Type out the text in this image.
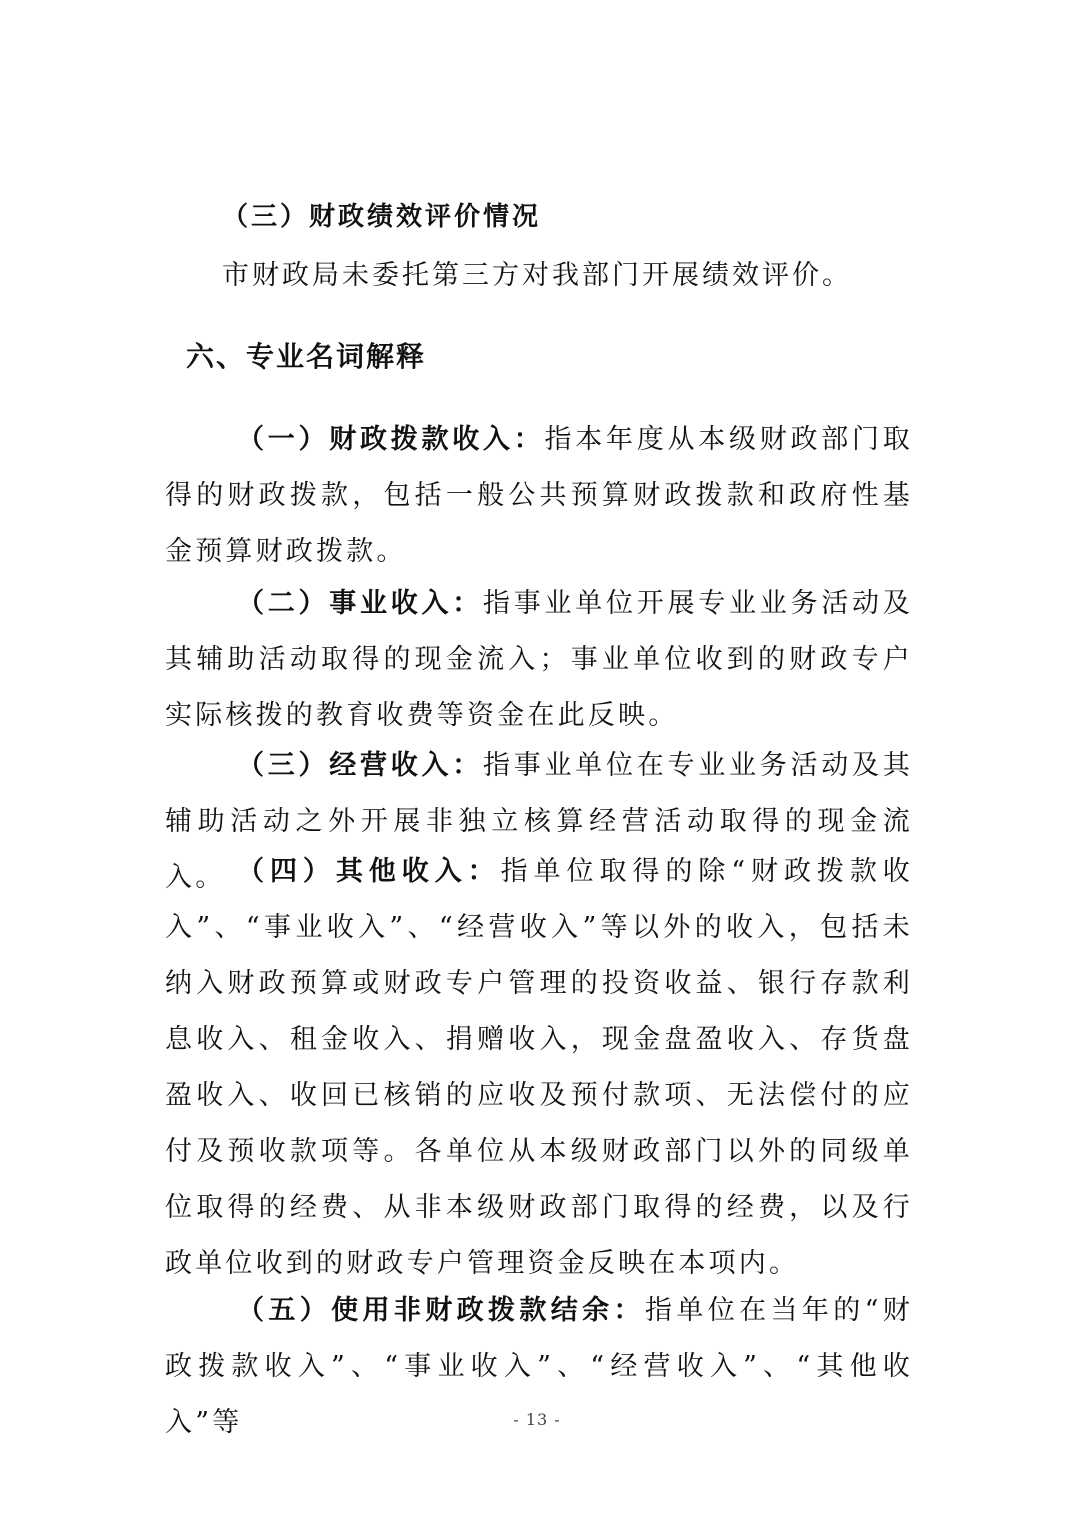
（三）财政绩效评价情况
市财政局未委托第三方对我部门开展绩效评价。
六、专业名词解释

（一）财政拨款收入：指本年度从本级财政部门取得的财政拨款，包括一般公共预算财政拨款和政府性基金预算财政拨款。

（二）事业收入：指事业单位开展专业业务活动及其辅助活动取得的现金流入；事业单位收到的财政专户实际核拨的教育收费等资金在此反映。

（三）经营收入：指事业单位在专业业务活动及其辅助活动之外开展非独立核算经营活动取得的现金流入。 （四）其他收入：指单位取得的除“财政拨款收入”、“事业收入”、“经营收入”等以外的收入，包括未纳入财政预算或财政专户管理的投资收益、银行存款利息收入、租金收入、捐赠收入，现金盘盈收入、存货盘盈收入、收回已核销的应收及预付款项、无法偿付的应付及预收款项等。各单位从本级财政部门以外的同级单位取得的经费、从非本级财政部门取得的经费，以及行政单位收到的财政专户管理资金反映在本项内。

（五）使用非财政拨款结余：指单位在当年的“财政拨款收入”、“事业收入”、“经营收入”、“其他收入”等	- 13 -
